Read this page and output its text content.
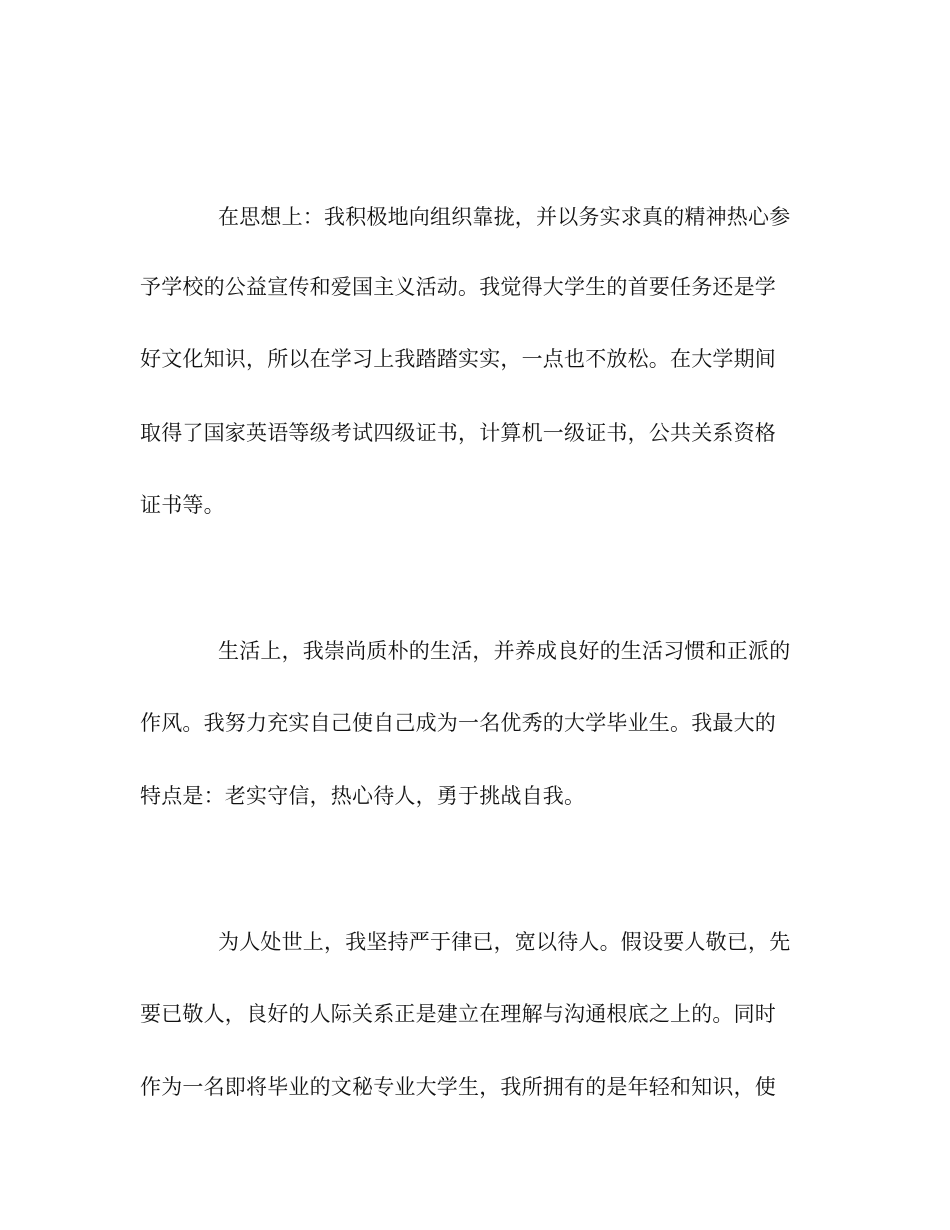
在思想上：我积极地向组织靠拢，并以务实求真的精神热心参
予学校的公益宣传和爱国主义活动。我觉得大学生的首要任务还是学
好文化知识，所以在学习上我踏踏实实，一点也不放松。在大学期间
取得了国家英语等级考试四级证书，计算机一级证书，公共关系资格
证书等。
生活上，我崇尚质朴的生活，并养成良好的生活习惯和正派的
作风。我努力充实自己使自己成为一名优秀的大学毕业生。我最大的
特点是：老实守信，热心待人，勇于挑战自我。
为人处世上，我坚持严于律已，宽以待人。假设要人敬已，先
要已敬人，良好的人际关系正是建立在理解与沟通根底之上的。同时
作为一名即将毕业的文秘专业大学生，我所拥有的是年轻和知识，使
